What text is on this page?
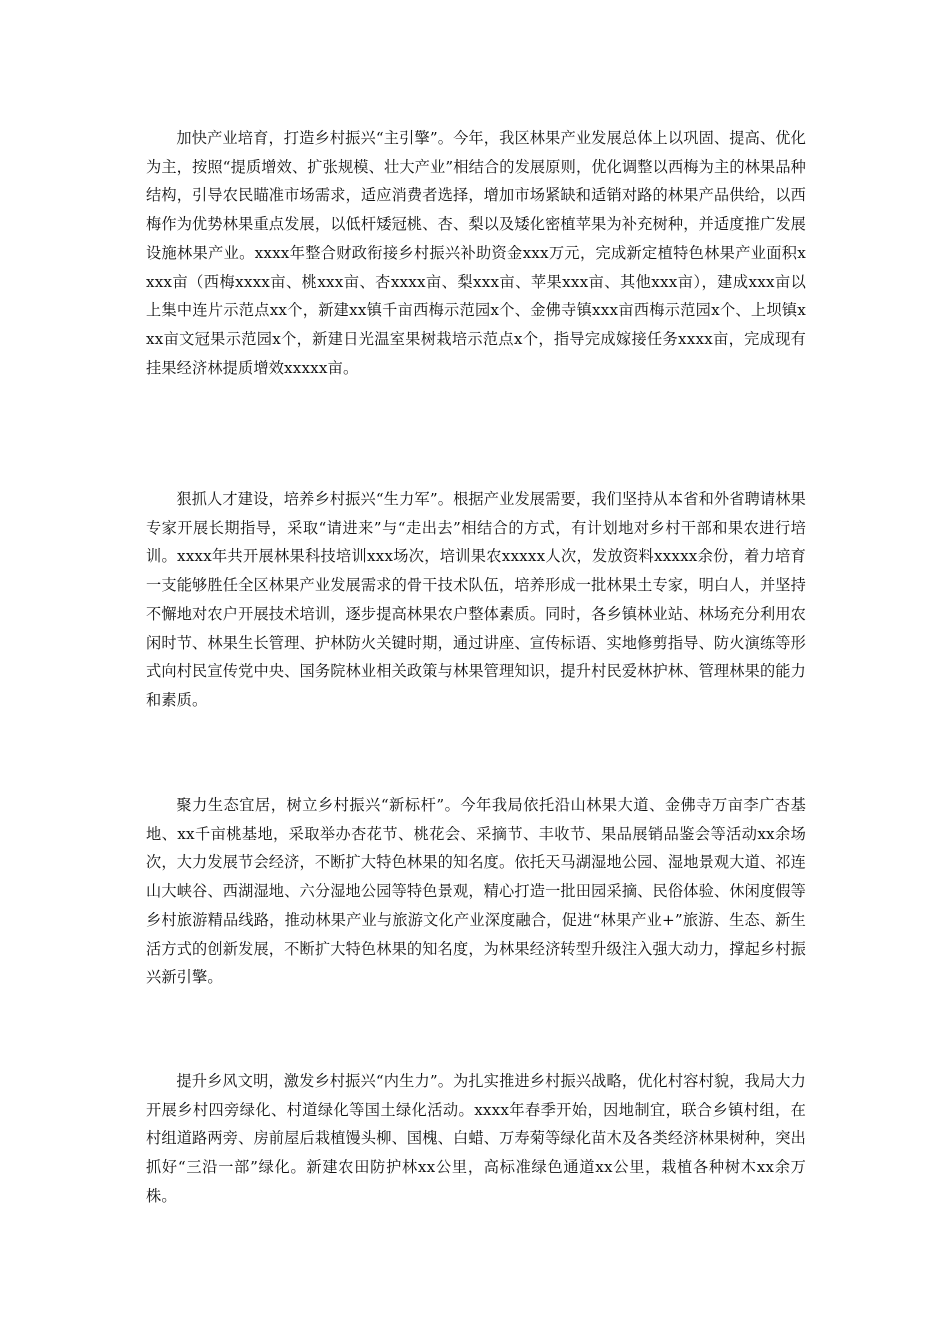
加快产业培育，打造乡村振兴“主引擎”。今年，我区林果产业发展总体上以巩固、提高、优化为主，按照“提质增效、扩张规模、壮大产业”相结合的发展原则，优化调整以西梅为主的林果品种结构，引导农民瞄准市场需求，适应消费者选择，增加市场紧缺和适销对路的林果产品供给，以西梅作为优势林果重点发展，以低杆矮冠桃、杏、梨以及矮化密植苹果为补充树种，并适度推广发展设施林果产业。xxxx年整合财政衔接乡村振兴补助资金xxx万元，完成新定植特色林果产业面积xxxx亩（西梅xxxx亩、桃xxx亩、杏xxxx亩、梨xxx亩、苹果xxx亩、其他xxx亩），建成xxx亩以上集中连片示范点xx个，新建xx镇千亩西梅示范园x个、金佛寺镇xxx亩西梅示范园x个、上坝镇xxx亩文冠果示范园x个，新建日光温室果树栽培示范点x个，指导完成嫁接任务xxxx亩，完成现有挂果经济林提质增效xxxxx亩。

狠抓人才建设，培养乡村振兴“生力军”。根据产业发展需要，我们坚持从本省和外省聘请林果专家开展长期指导，采取“请进来”与“走出去”相结合的方式，有计划地对乡村干部和果农进行培训。xxxx年共开展林果科技培训xxx场次，培训果农xxxxx人次，发放资料xxxxx余份，着力培育一支能够胜任全区林果产业发展需求的骨干技术队伍，培养形成一批林果土专家，明白人，并坚持不懈地对农户开展技术培训，逐步提高林果农户整体素质。同时，各乡镇林业站、林场充分利用农闲时节、林果生长管理、护林防火关键时期，通过讲座、宣传标语、实地修剪指导、防火演练等形式向村民宣传党中央、国务院林业相关政策与林果管理知识，提升村民爱林护林、管理林果的能力和素质。

聚力生态宜居，树立乡村振兴“新标杆”。今年我局依托沿山林果大道、金佛寺万亩李广杏基地、xx千亩桃基地，采取举办杏花节、桃花会、采摘节、丰收节、果品展销品鉴会等活动xx余场次，大力发展节会经济，不断扩大特色林果的知名度。依托天马湖湿地公园、湿地景观大道、祁连山大峡谷、西湖湿地、六分湿地公园等特色景观，精心打造一批田园采摘、民俗体验、休闲度假等乡村旅游精品线路，推动林果产业与旅游文化产业深度融合，促进“林果产业+”旅游、生态、新生活方式的创新发展，不断扩大特色林果的知名度，为林果经济转型升级注入强大动力，撑起乡村振兴新引擎。

提升乡风文明，激发乡村振兴“内生力”。为扎实推进乡村振兴战略，优化村容村貌，我局大力开展乡村四旁绿化、村道绿化等国土绿化活动。xxxx年春季开始，因地制宜，联合乡镇村组，在村组道路两旁、房前屋后栽植馒头柳、国槐、白蜡、万寿菊等绿化苗木及各类经济林果树种，突出抓好“三沿一部”绿化。新建农田防护林xx公里，高标准绿色通道xx公里，栽植各种树木xx余万株。
